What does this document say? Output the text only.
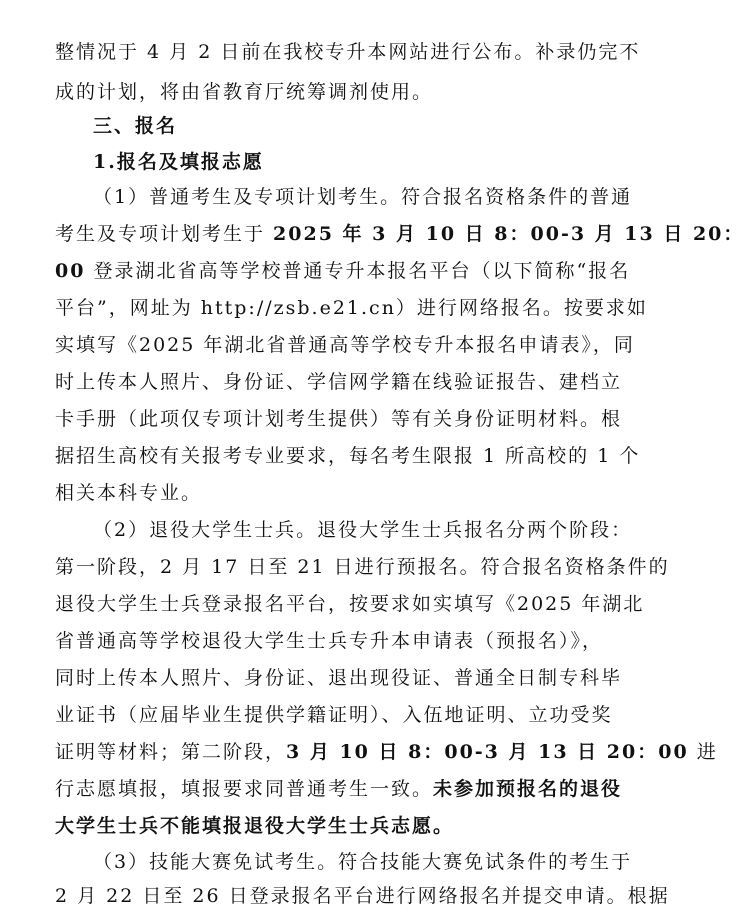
整情况于 4 月 2 日前在我校专升本网站进行公布。补录仍完不
成的计划，将由省教育厅统筹调剂使用。
三、报名
1.报名及填报志愿
（1）普通考生及专项计划考生。符合报名资格条件的普通
考生及专项计划考生于 2025 年 3 月 10 日 8：00-3 月 13 日 20：
00 登录湖北省高等学校普通专升本报名平台（以下简称“报名
平台”，网址为 http://zsb.e21.cn）进行网络报名。按要求如
实填写《2025 年湖北省普通高等学校专升本报名申请表》，同
时上传本人照片、身份证、学信网学籍在线验证报告、建档立
卡手册（此项仅专项计划考生提供）等有关身份证明材料。根
据招生高校有关报考专业要求，每名考生限报 1 所高校的 1 个
相关本科专业。
（2）退役大学生士兵。退役大学生士兵报名分两个阶段：
第一阶段，2 月 17 日至 21 日进行预报名。符合报名资格条件的
退役大学生士兵登录报名平台，按要求如实填写《2025 年湖北
省普通高等学校退役大学生士兵专升本申请表（预报名）》，
同时上传本人照片、身份证、退出现役证、普通全日制专科毕
业证书（应届毕业生提供学籍证明）、入伍地证明、立功受奖
证明等材料；第二阶段，3 月 10 日 8：00-3 月 13 日 20：00 进
行志愿填报，填报要求同普通考生一致。未参加预报名的退役
大学生士兵不能填报退役大学生士兵志愿。
（3）技能大赛免试考生。符合技能大赛免试条件的考生于
2 月 22 日至 26 日登录报名平台进行网络报名并提交申请。根据
